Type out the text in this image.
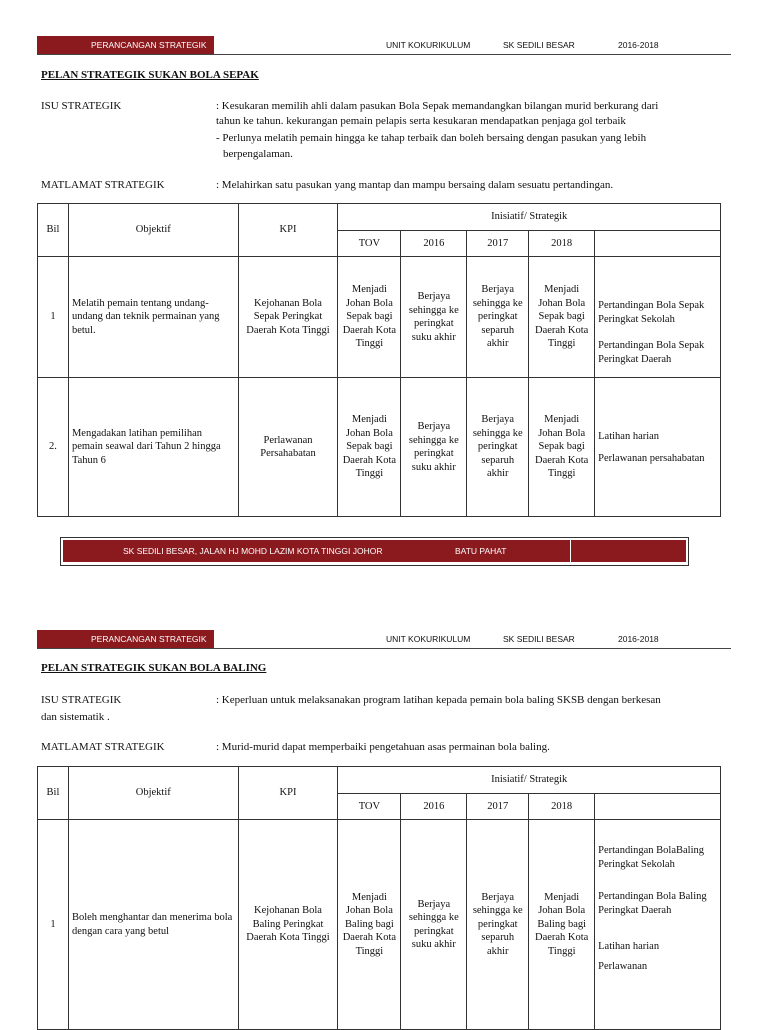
PERANCANGAN STRATEGIK	UNIT KOKURIKULUM	SK SEDILI BESAR	2016-2018
PELAN STRATEGIK SUKAN BOLA SEPAK
ISU STRATEGIK	: Kesukaran memilih ahli dalam pasukan Bola Sepak memandangkan bilangan murid berkurang dari
tahun ke tahun. kekurangan pemain pelapis serta kesukaran mendapatkan penjaga gol terbaik
- Perlunya melatih pemain hingga ke tahap terbaik dan boleh bersaing dengan pasukan yang lebih
berpengalaman.
MATLAMAT STRATEGIK	: Melahirkan satu pasukan yang mantap dan mampu bersaing dalam sesuatu pertandingan.
Bil	Objektif	KPI	Inisiatif/ Strategik				
			TOV	2016	2017	2018	
1	Melatih pemain tentang undang-undang dan teknik permainan yang betul.	Kejohanan Bola Sepak Peringkat Daerah Kota Tinggi	Menjadi Johan Bola Sepak bagi Daerah Kota Tinggi	Berjaya sehingga ke peringkat suku akhir	Berjaya sehingga ke peringkat separuh akhir	Menjadi Johan Bola Sepak bagi Daerah Kota Tinggi	Pertandingan Bola Sepak Peringkat Sekolah
Pertandingan Bola Sepak Peringkat Daerah

2.	Mengadakan latihan pemilihan pemain seawal dari Tahun 2 hingga Tahun 6	Perlawanan Persahabatan	Menjadi Johan Bola Sepak bagi Daerah Kota Tinggi	Berjaya sehingga ke peringkat suku akhir	Berjaya sehingga ke peringkat separuh akhir	Menjadi Johan Bola Sepak bagi Daerah Kota Tinggi	Latihan harian
Perlawanan persahabatan
SK SEDILI BESAR, JALAN HJ MOHD LAZIM KOTA TINGGI JOHOR	BATU PAHAT
PERANCANGAN STRATEGIK	UNIT KOKURIKULUM	SK SEDILI BESAR	2016-2018
PELAN STRATEGIK SUKAN BOLA BALING
ISU STRATEGIK	: Keperluan untuk melaksanakan program latihan kepada pemain bola baling SKSB dengan berkesan
dan sistematik .
MATLAMAT STRATEGIK	: Murid-murid dapat memperbaiki pengetahuan asas permainan bola baling.
Bil	Objektif	KPI	Inisiatif/ Strategik				
			TOV	2016	2017	2018	
1	Boleh menghantar dan menerima bola dengan cara yang betul	Kejohanan Bola Baling Peringkat Daerah Kota Tinggi	Menjadi Johan Bola Baling bagi Daerah Kota Tinggi	Berjaya sehingga ke peringkat suku akhir	Berjaya sehingga ke peringkat separuh akhir	Menjadi Johan Bola Baling bagi Daerah Kota Tinggi	Pertandingan BolaBaling Peringkat Sekolah
Pertandingan Bola Baling Peringkat Daerah
Latihan harian
Perlawanan
